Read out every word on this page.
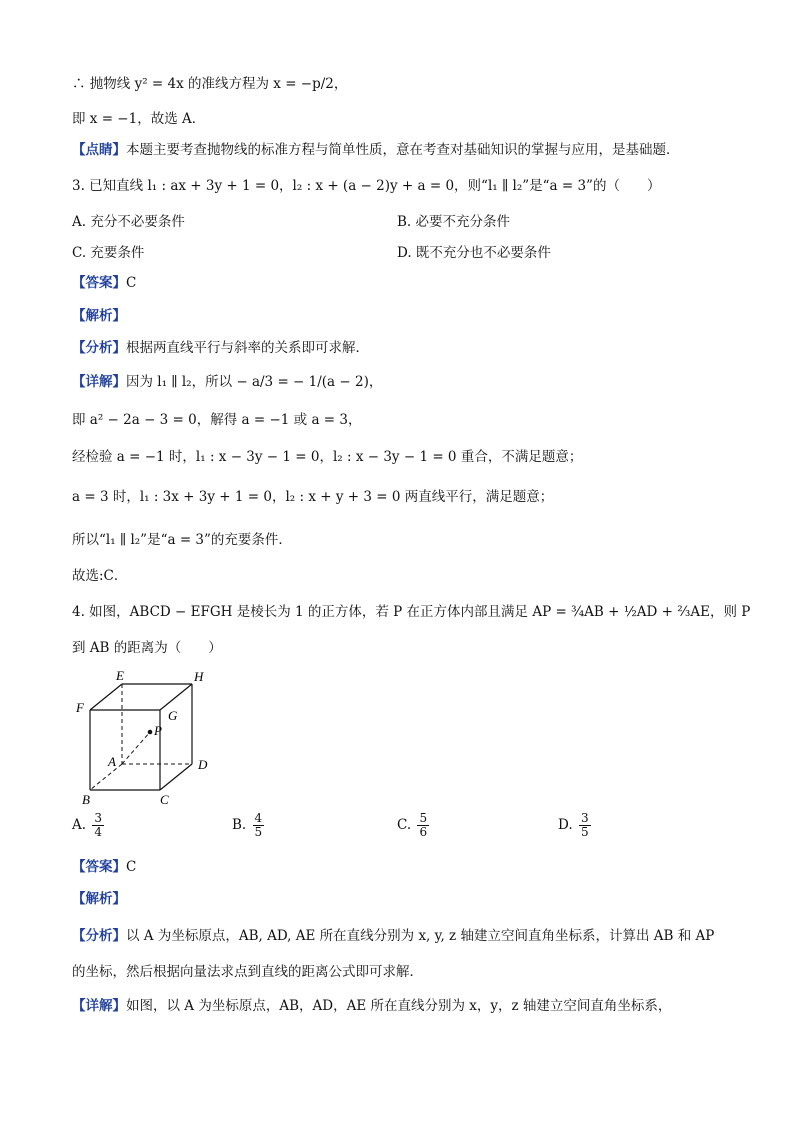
∴ 抛物线 y² = 4x 的准线方程为 x = −p/2，
即 x = −1，故选 A．
【点睛】本题主要考查抛物线的标准方程与简单性质，意在考查对基础知识的掌握与应用，是基础题．
3. 已知直线 l₁ : ax + 3y + 1 = 0，l₂ : x + (a − 2)y + a = 0，则“l₁ ∥ l₂”是“a = 3”的（　　）
A. 充分不必要条件	B. 必要不充分条件
C. 充要条件	D. 既不充分也不必要条件
【答案】C
【解析】
【分析】根据两直线平行与斜率的关系即可求解．
【详解】因为 l₁ ∥ l₂，所以 − a/3 = − 1/(a − 2)，
即 a² − 2a − 3 = 0，解得 a = −1 或 a = 3，
经检验 a = −1 时，l₁ : x − 3y − 1 = 0，l₂ : x − 3y − 1 = 0 重合，不满足题意；
a = 3 时，l₁ : 3x + 3y + 1 = 0，l₂ : x + y + 3 = 0 两直线平行，满足题意；
所以“l₁ ∥ l₂”是“a = 3”的充要条件．
故选:C．
4. 如图，ABCD − EFGH 是棱长为 1 的正方体，若 P 在正方体内部且满足 AP = ¾AB + ½AD + ⅔AE，则 P
到 AB 的距离为（　　）
E	H
F
G
P
A	D
B	C
A. $\frac{3}{4}$	B. $\frac{4}{5}$	C. $\frac{5}{6}$	D. $\frac{3}{5}$
【答案】C
【解析】
【分析】以 A 为坐标原点，AB, AD, AE 所在直线分别为 x, y, z 轴建立空间直角坐标系，计算出 AB 和 AP
的坐标，然后根据向量法求点到直线的距离公式即可求解．
【详解】如图，以 A 为坐标原点，AB，AD，AE 所在直线分别为 x，y，z 轴建立空间直角坐标系，
